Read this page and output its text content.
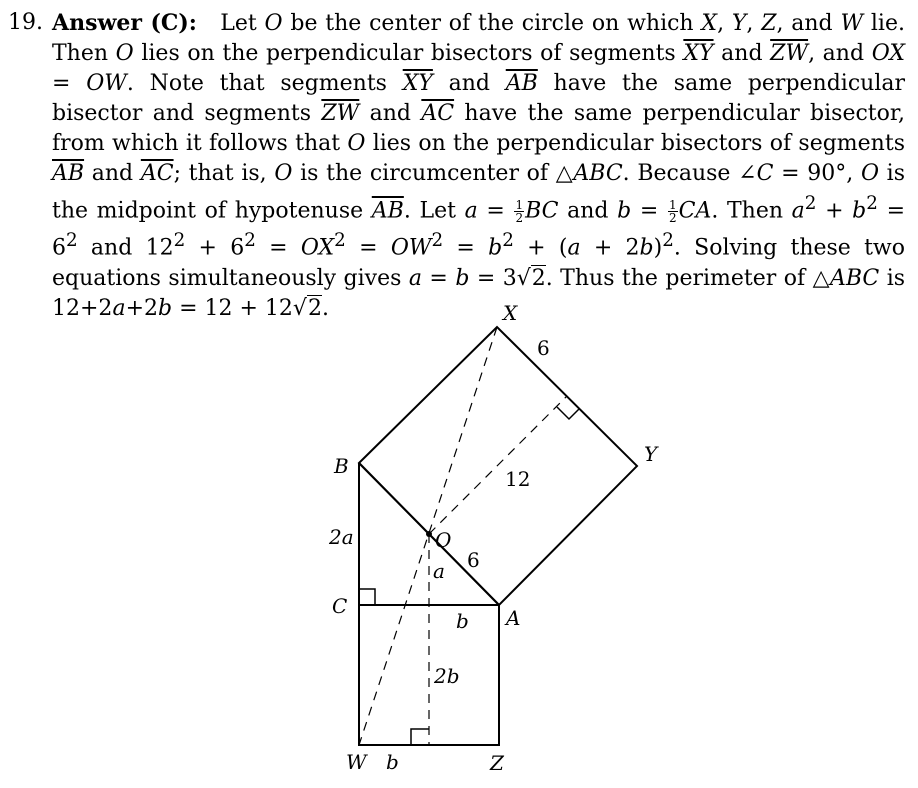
19. Answer (C):   Let O be the center of the circle on which X, Y, Z, and W lie. Then O lies on the perpendicular bisectors of segments $\overline{XY}$ and $\overline{ZW}$, and OX = OW. Note that segments $\overline{XY}$ and $\overline{AB}$ have the same perpendicular bisector and segments $\overline{ZW}$ and $\overline{AC}$ have the same perpendicular bisector, from which it follows that O lies on the perpendicular bisectors of segments $\overline{AB}$ and $\overline{AC}$; that is, O is the circumcenter of △ABC. Because ∠C = 90°, O is the midpoint of hypotenuse $\overline{AB}$. Let $a = \frac{1}{2}$ BC and $b = \frac{1}{2}$ CA. Then $a^2 + b^2 = 6^2$ and $12^2 + 6^2 = OX^2 = OW^2 = b^2 + (a + 2b)^2$. Solving these two equations simultaneously gives a = b = 3√2. Thus the perimeter of △ABC is 12+2a+2b = 12 + 12√2.	X
Y
B
C	A
O
W	Z
6
12
6
2a
a
b
2b
b
